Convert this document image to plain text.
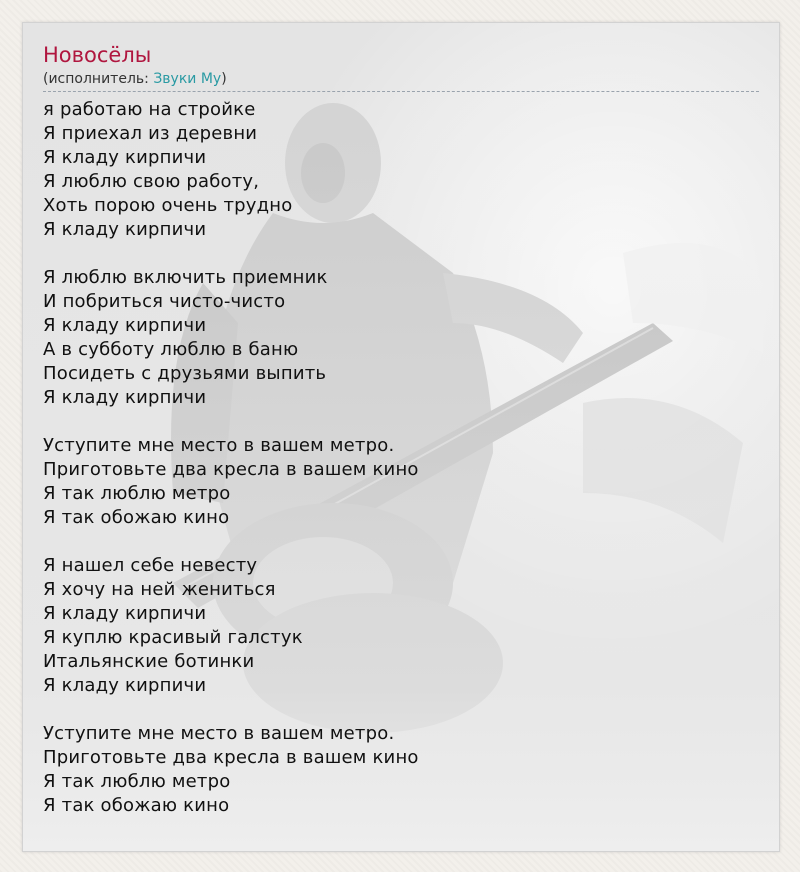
Новосёлы
(исполнитель: Звуки Му)
я работаю на стройке
Я приехал из деревни
Я кладу кирпичи
Я люблю свою работу,
Хоть порою очень трудно
Я кладу кирпичи
Я люблю включить приемник
И побриться чисто-чисто
Я кладу кирпичи
А в субботу люблю в баню
Посидеть с друзьями выпить
Я кладу кирпичи
Уступите мне место в вашем метро.
Приготовьте два кресла в вашем кино
Я так люблю метро
Я так обожаю кино
Я нашел себе невесту
Я хочу на ней жениться
Я кладу кирпичи
Я куплю красивый галстук
Итальянские ботинки
Я кладу кирпичи
Уступите мне место в вашем метро.
Приготовьте два кресла в вашем кино
Я так люблю метро
Я так обожаю кино
